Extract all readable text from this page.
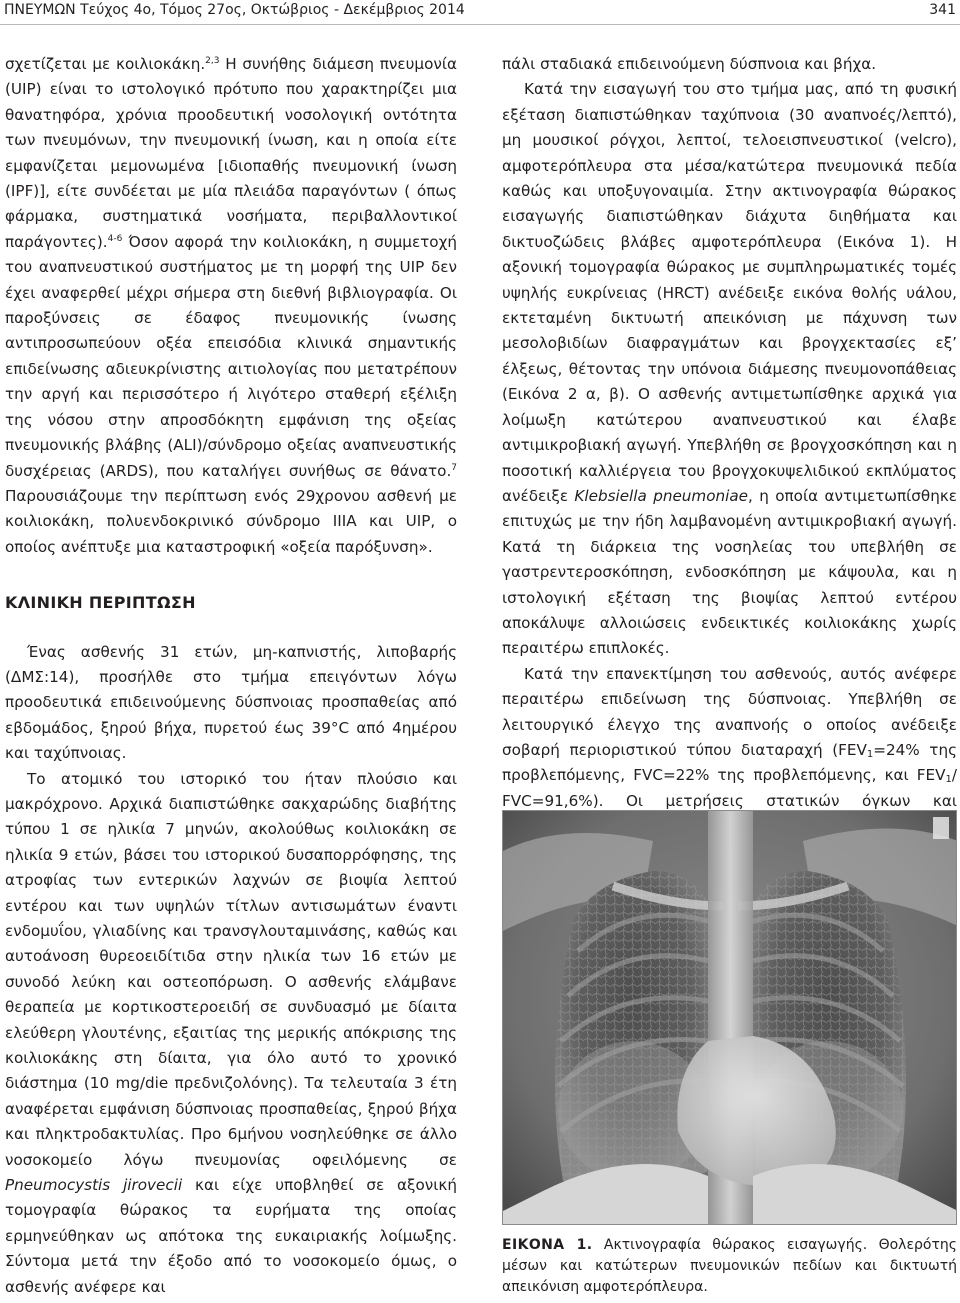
ΠΝΕΥΜΩΝ Τεύχος 4ο, Τόμος 27ος, Οκτώβριος - Δεκέμβριος 2014	341

σχετίζεται με κοιλιοκάκη.$^{2,3}$ Η συνήθης διάμεση πνευμονία (UIP) είναι το ιστολογικό πρότυπο που χαρακτηρίζει μια θανατηφόρα, χρόνια προοδευτική νοσολογική οντότητα των πνευμόνων, την πνευμονική ίνωση, και η οποία είτε εμφανίζεται μεμονωμένα [ιδιοπαθής πνευμονική ίνωση (IPF)], είτε συνδέεται με μία πλειάδα παραγόντων ( όπως φάρμακα, συστηματικά νοσήματα, περιβαλλοντικοί παράγοντες).$^{4-6}$ Όσον αφορά την κοιλιοκάκη, η συμμετοχή του αναπνευστικού συστήματος με τη μορφή της UIP δεν έχει αναφερθεί μέχρι σήμερα στη διεθνή βιβλιογραφία. Οι παροξύνσεις σε έδαφος πνευμονικής ίνωσης αντιπροσωπεύουν οξέα επεισόδια κλινικά σημαντικής επιδείνωσης αδιευκρίνιστης αιτιολογίας που μετατρέπουν την αργή και περισσότερο ή λιγότερο σταθερή εξέλιξη της νόσου στην απροσδόκητη εμφάνιση της οξείας πνευμονικής βλάβης (ALI)/σύνδρομο οξείας αναπνευστικής δυσχέρειας (ARDS), που καταλήγει συνήθως σε θάνατο.$^7$ Παρουσιάζουμε την περίπτωση ενός 29χρονου ασθενή με κοιλιοκάκη, πολυενδοκρινικό σύνδρομο IIIA και UIP, ο οποίος ανέπτυξε μια καταστροφική «οξεία παρόξυνση».

ΚΛΙΝΙΚΗ ΠΕΡΙΠΤΩΣΗ

Ένας ασθενής 31 ετών, μη-καπνιστής, λιποβαρής (ΔΜΣ:14), προσήλθε στο τμήμα επειγόντων λόγω προοδευτικά επιδεινούμενης δύσπνοιας προσπαθείας από εβδομάδος, ξηρού βήχα, πυρετού έως 39°C από 4ημέρου και ταχύπνοιας.

Το ατομικό του ιστορικό του ήταν πλούσιο και μακρόχρονο. Αρχικά διαπιστώθηκε σακχαρώδης διαβήτης τύπου 1 σε ηλικία 7 μηνών, ακολούθως κοιλιοκάκη σε ηλικία 9 ετών, βάσει του ιστορικού δυσαπορρόφησης, της ατροφίας των εντερικών λαχνών σε βιοψία λεπτού εντέρου και των υψηλών τίτλων αντισωμάτων έναντι ενδομυΐου, γλιαδίνης και τρανσγλουταμινάσης, καθώς και αυτοάνοση θυρεοειδίτιδα στην ηλικία των 16 ετών με συνοδό λεύκη και οστεοπόρωση. Ο ασθενής ελάμβανε θεραπεία με κορτικοστεροειδή σε συνδυασμό με δίαιτα ελεύθερη γλουτένης, εξαιτίας της μερικής απόκρισης της κοιλιοκάκης στη δίαιτα, για όλο αυτό το χρονικό διάστημα (10 mg/die πρεδνιζολόνης). Τα τελευταία 3 έτη αναφέρεται εμφάνιση δύσπνοιας προσπαθείας, ξηρού βήχα και πληκτροδακτυλίας. Προ 6μήνου νοσηλεύθηκε σε άλλο νοσοκομείο λόγω πνευμονίας οφειλόμενης σε Pneumocystis jirovecii και είχε υποβληθεί σε αξονική τομογραφία θώρακος τα ευρήματα της οποίας ερμηνεύθηκαν ως απότοκα της ευκαιριακής λοίμωξης. Σύντομα μετά την έξοδο από το νοσοκομείο όμως, ο ασθενής ανέφερε και

πάλι σταδιακά επιδεινούμενη δύσπνοια και βήχα.

Κατά την εισαγωγή του στο τμήμα μας, από τη φυσική εξέταση διαπιστώθηκαν ταχύπνοια (30 αναπνοές/λεπτό), μη μουσικοί ρόγχοι, λεπτοί, τελοεισπνευστικοί (velcro), αμφοτερόπλευρα στα μέσα/κατώτερα πνευμονικά πεδία καθώς και υποξυγοναιμία. Στην ακτινογραφία θώρακος εισαγωγής διαπιστώθηκαν διάχυτα διηθήματα και δικτυοζώδεις βλάβες αμφοτερόπλευρα (Εικόνα 1). Η αξονική τομογραφία θώρακος με συμπληρωματικές τομές υψηλής ευκρίνειας (HRCT) ανέδειξε εικόνα θολής υάλου, εκτεταμένη δικτυωτή απεικόνιση με πάχυνση των μεσολοβιδίων διαφραγμάτων και βρογχεκτασίες εξ’ έλξεως, θέτοντας την υπόνοια διάμεσης πνευμονοπάθειας (Εικόνα 2 α, β). Ο ασθενής αντιμετωπίσθηκε αρχικά για λοίμωξη κατώτερου αναπνευστικού και έλαβε αντιμικροβιακή αγωγή. Υπεβλήθη σε βρογχοσκόπηση και η ποσοτική καλλιέργεια του βρογχοκυψελιδικού εκπλύματος ανέδειξε Klebsiella pneumoniae, η οποία αντιμετωπίσθηκε επιτυχώς με την ήδη λαμβανομένη αντιμικροβιακή αγωγή. Κατά τη διάρκεια της νοσηλείας του υπεβλήθη σε γαστρεντεροσκόπηση, ενδοσκόπηση με κάψουλα, και η ιστολογική εξέταση της βιοψίας λεπτού εντέρου αποκάλυψε αλλοιώσεις ενδεικτικές κοιλιοκάκης χωρίς περαιτέρω επιπλοκές.

Κατά την επανεκτίμηση του ασθενούς, αυτός ανέφερε περαιτέρω επιδείνωση της δύσπνοιας. Υπεβλήθη σε λειτουργικό έλεγχο της αναπνοής ο οποίος ανέδειξε σοβαρή περιοριστικού τύπου διαταραχή ($FEV_1=24\%$ της προβλεπόμενης, FVC=22% της προβλεπόμενης, και $FEV_1/$ FVC=91,6%). Οι μετρήσεις στατικών όγκων και

ΕΙΚΟΝΑ 1. Ακτινογραφία θώρακος εισαγωγής. Θολερότης μέσων και κατώτερων πνευμονικών πεδίων και δικτυωτή απεικόνιση αμφοτερόπλευρα.
